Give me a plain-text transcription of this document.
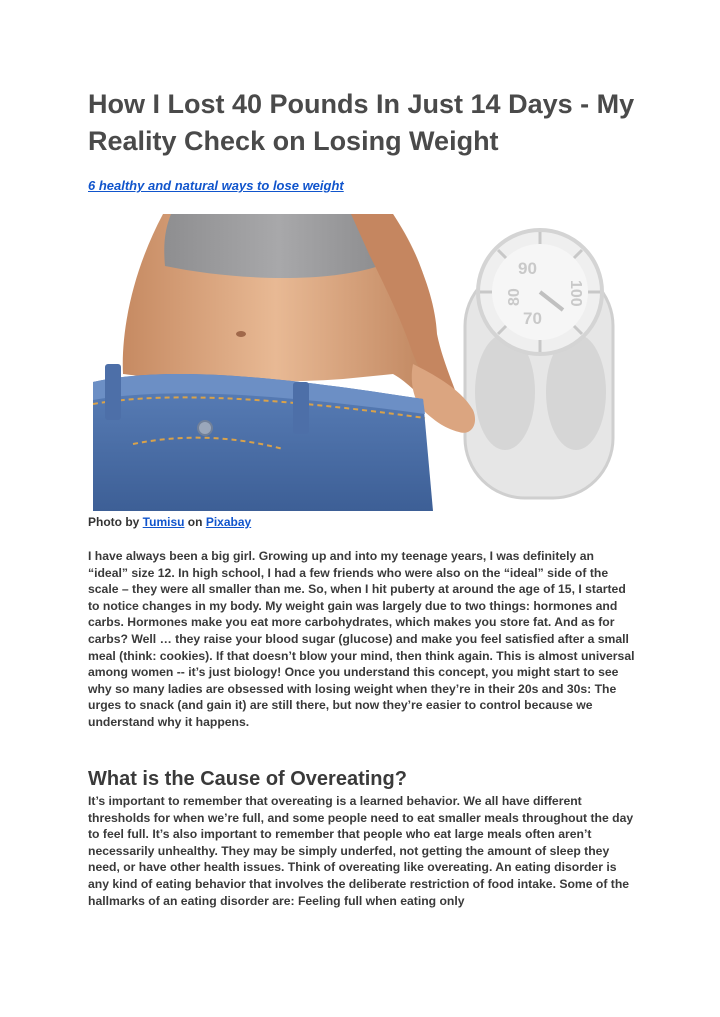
How I Lost 40 Pounds In Just 14 Days - My Reality Check on Losing Weight
6 healthy and natural ways to lose weight
90
100
80
70
Photo by Tumisu on Pixabay

I have always been a big girl. Growing up and into my teenage years, I was definitely an “ideal” size 12. In high school, I had a few friends who were also on the “ideal” side of the scale – they were all smaller than me. So, when I hit puberty at around the age of 15, I started to notice changes in my body. My weight gain was largely due to two things: hormones and carbs. Hormones make you eat more carbohydrates, which makes you store fat. And as for carbs? Well … they raise your blood sugar (glucose) and make you feel satisfied after a small meal (think: cookies). If that doesn’t blow your mind, then think again. This is almost universal among women -- it’s just biology! Once you understand this concept, you might start to see why so many ladies are obsessed with losing weight when they’re in their 20s and 30s: The urges to snack (and gain it) are still there, but now they’re easier to control because we understand why it happens.

What is the Cause of Overeating?

It’s important to remember that overeating is a learned behavior. We all have different thresholds for when we’re full, and some people need to eat smaller meals throughout the day to feel full. It’s also important to remember that people who eat large meals often aren’t necessarily unhealthy. They may be simply underfed, not getting the amount of sleep they need, or have other health issues. Think of overeating like overeating. An eating disorder is any kind of eating behavior that involves the deliberate restriction of food intake. Some of the hallmarks of an eating disorder are: Feeling full when eating only
